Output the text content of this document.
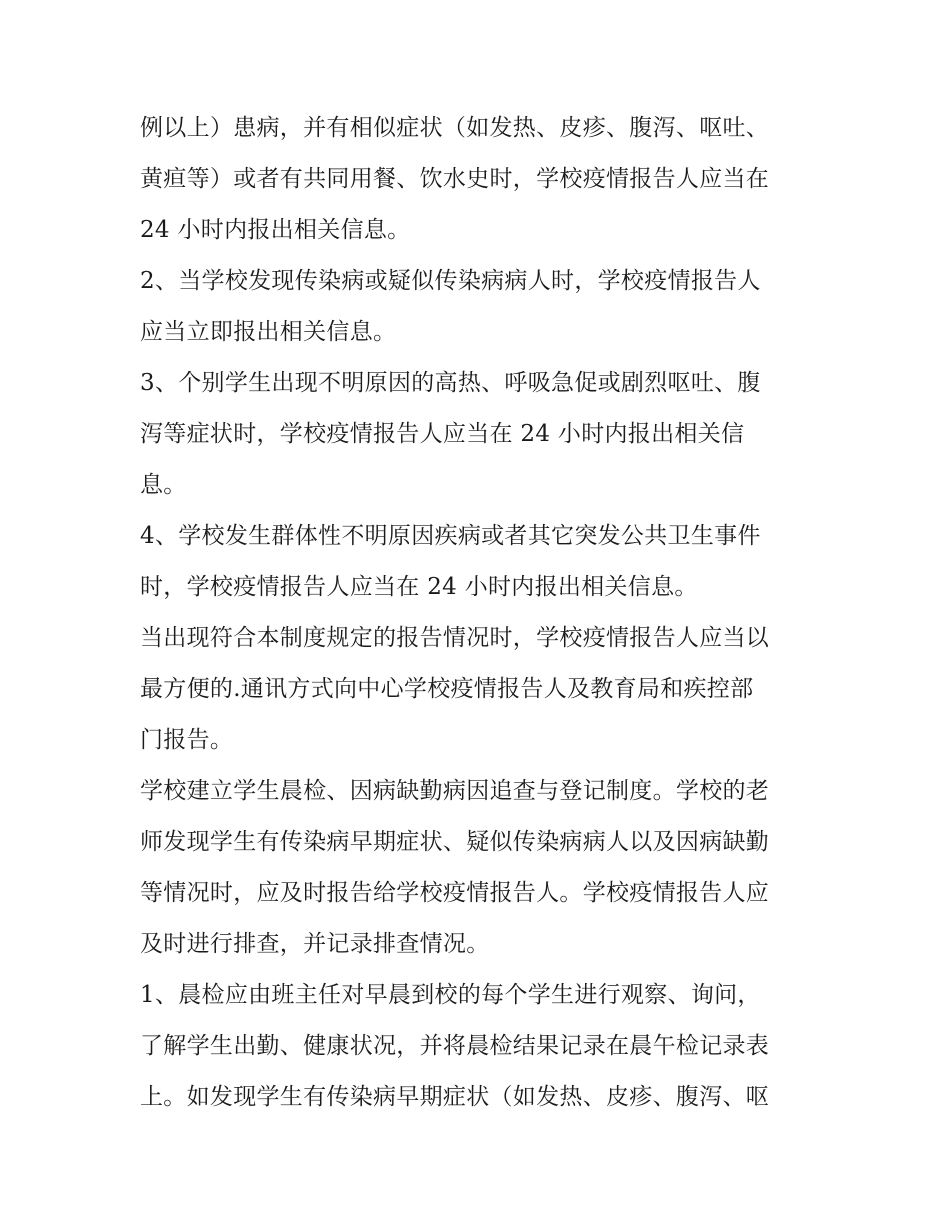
例以上）患病，并有相似症状（如发热、皮疹、腹泻、呕吐、
黄疸等）或者有共同用餐、饮水史时，学校疫情报告人应当在
24 小时内报出相关信息。
2、当学校发现传染病或疑似传染病病人时，学校疫情报告人
应当立即报出相关信息。
3、个别学生出现不明原因的高热、呼吸急促或剧烈呕吐、腹
泻等症状时，学校疫情报告人应当在 24 小时内报出相关信
息。
4、学校发生群体性不明原因疾病或者其它突发公共卫生事件
时，学校疫情报告人应当在 24 小时内报出相关信息。
当出现符合本制度规定的报告情况时，学校疫情报告人应当以
最方便的.通讯方式向中心学校疫情报告人及教育局和疾控部
门报告。
学校建立学生晨检、因病缺勤病因追查与登记制度。学校的老
师发现学生有传染病早期症状、疑似传染病病人以及因病缺勤
等情况时，应及时报告给学校疫情报告人。学校疫情报告人应
及时进行排查，并记录排查情况。
1、晨检应由班主任对早晨到校的每个学生进行观察、询问，
了解学生出勤、健康状况，并将晨检结果记录在晨午检记录表
上。如发现学生有传染病早期症状（如发热、皮疹、腹泻、呕
